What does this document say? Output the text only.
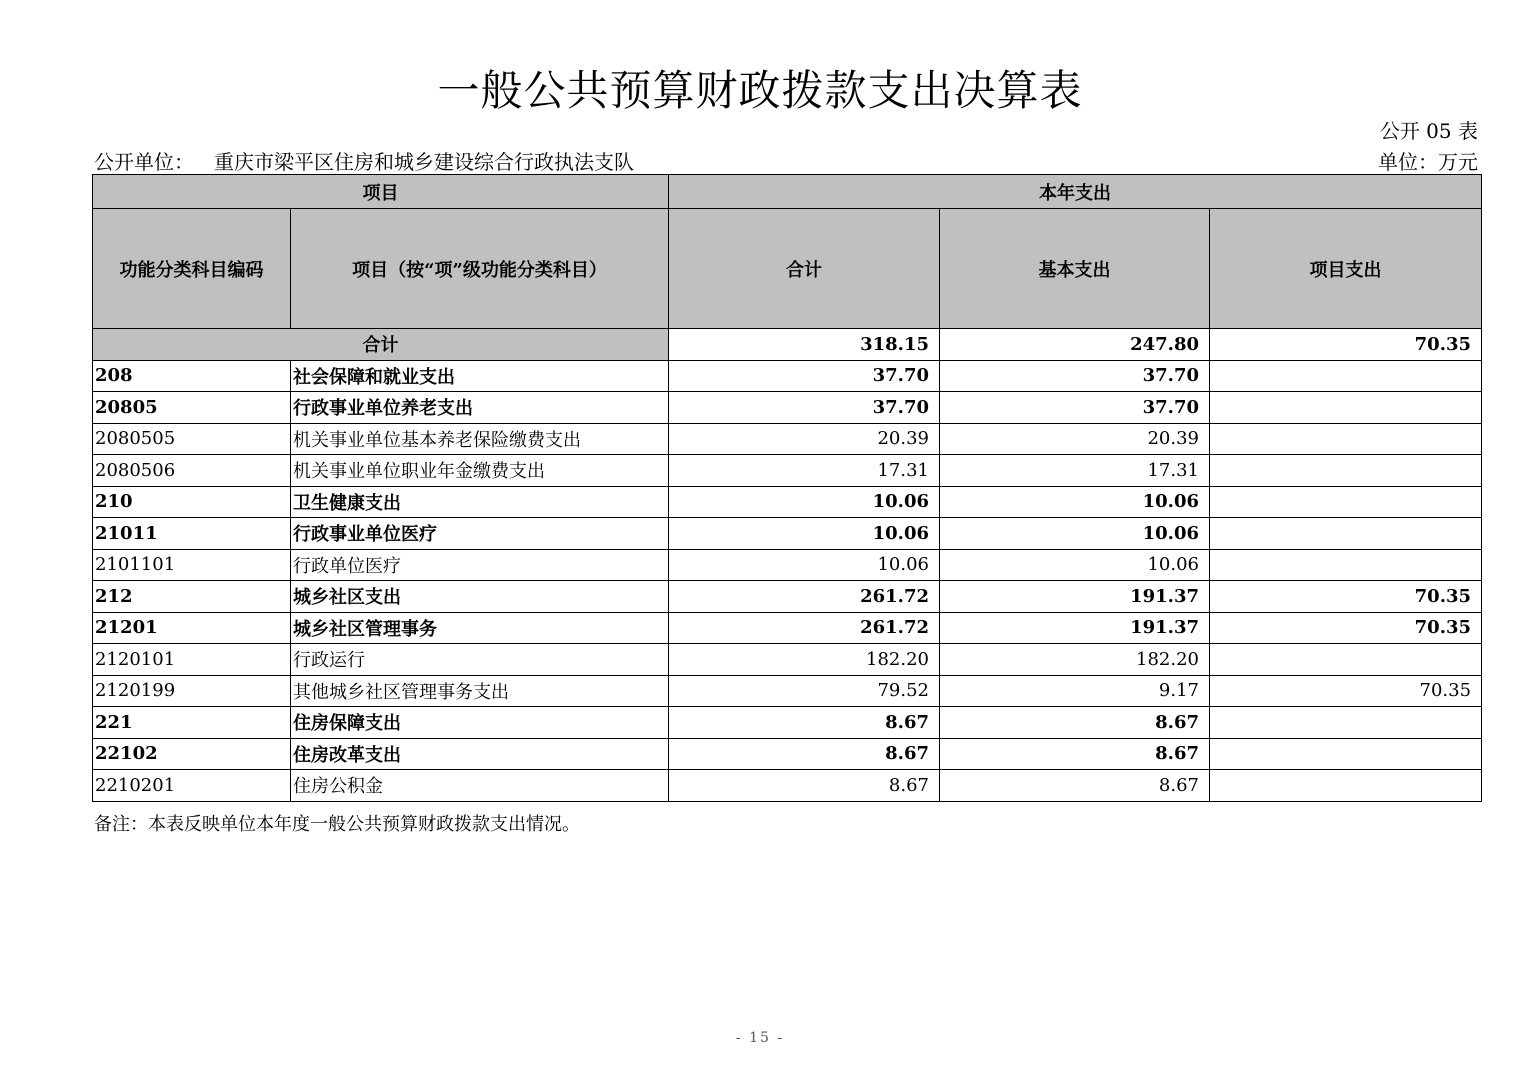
一般公共预算财政拨款支出决算表
公开 05 表
公开单位： 重庆市梁平区住房和城乡建设综合行政执法支队	单位：万元
项目		本年支出		
功能分类科目编码	项目（按“项”级功能分类科目）	合计	基本支出	项目支出
合计		318.15	247.80	70.35
208	社会保障和就业支出	37.70	37.70	
20805	行政事业单位养老支出	37.70	37.70	
2080505	机关事业单位基本养老保险缴费支出	20.39	20.39	
2080506	机关事业单位职业年金缴费支出	17.31	17.31	
210	卫生健康支出	10.06	10.06	
21011	行政事业单位医疗	10.06	10.06	
2101101	行政单位医疗	10.06	10.06	
212	城乡社区支出	261.72	191.37	70.35
21201	城乡社区管理事务	261.72	191.37	70.35
2120101	行政运行	182.20	182.20	
2120199	其他城乡社区管理事务支出	79.52	9.17	70.35
221	住房保障支出	8.67	8.67	
22102	住房改革支出	8.67	8.67	
2210201	住房公积金	8.67	8.67	
备注：本表反映单位本年度一般公共预算财政拨款支出情况。
- 15 -
